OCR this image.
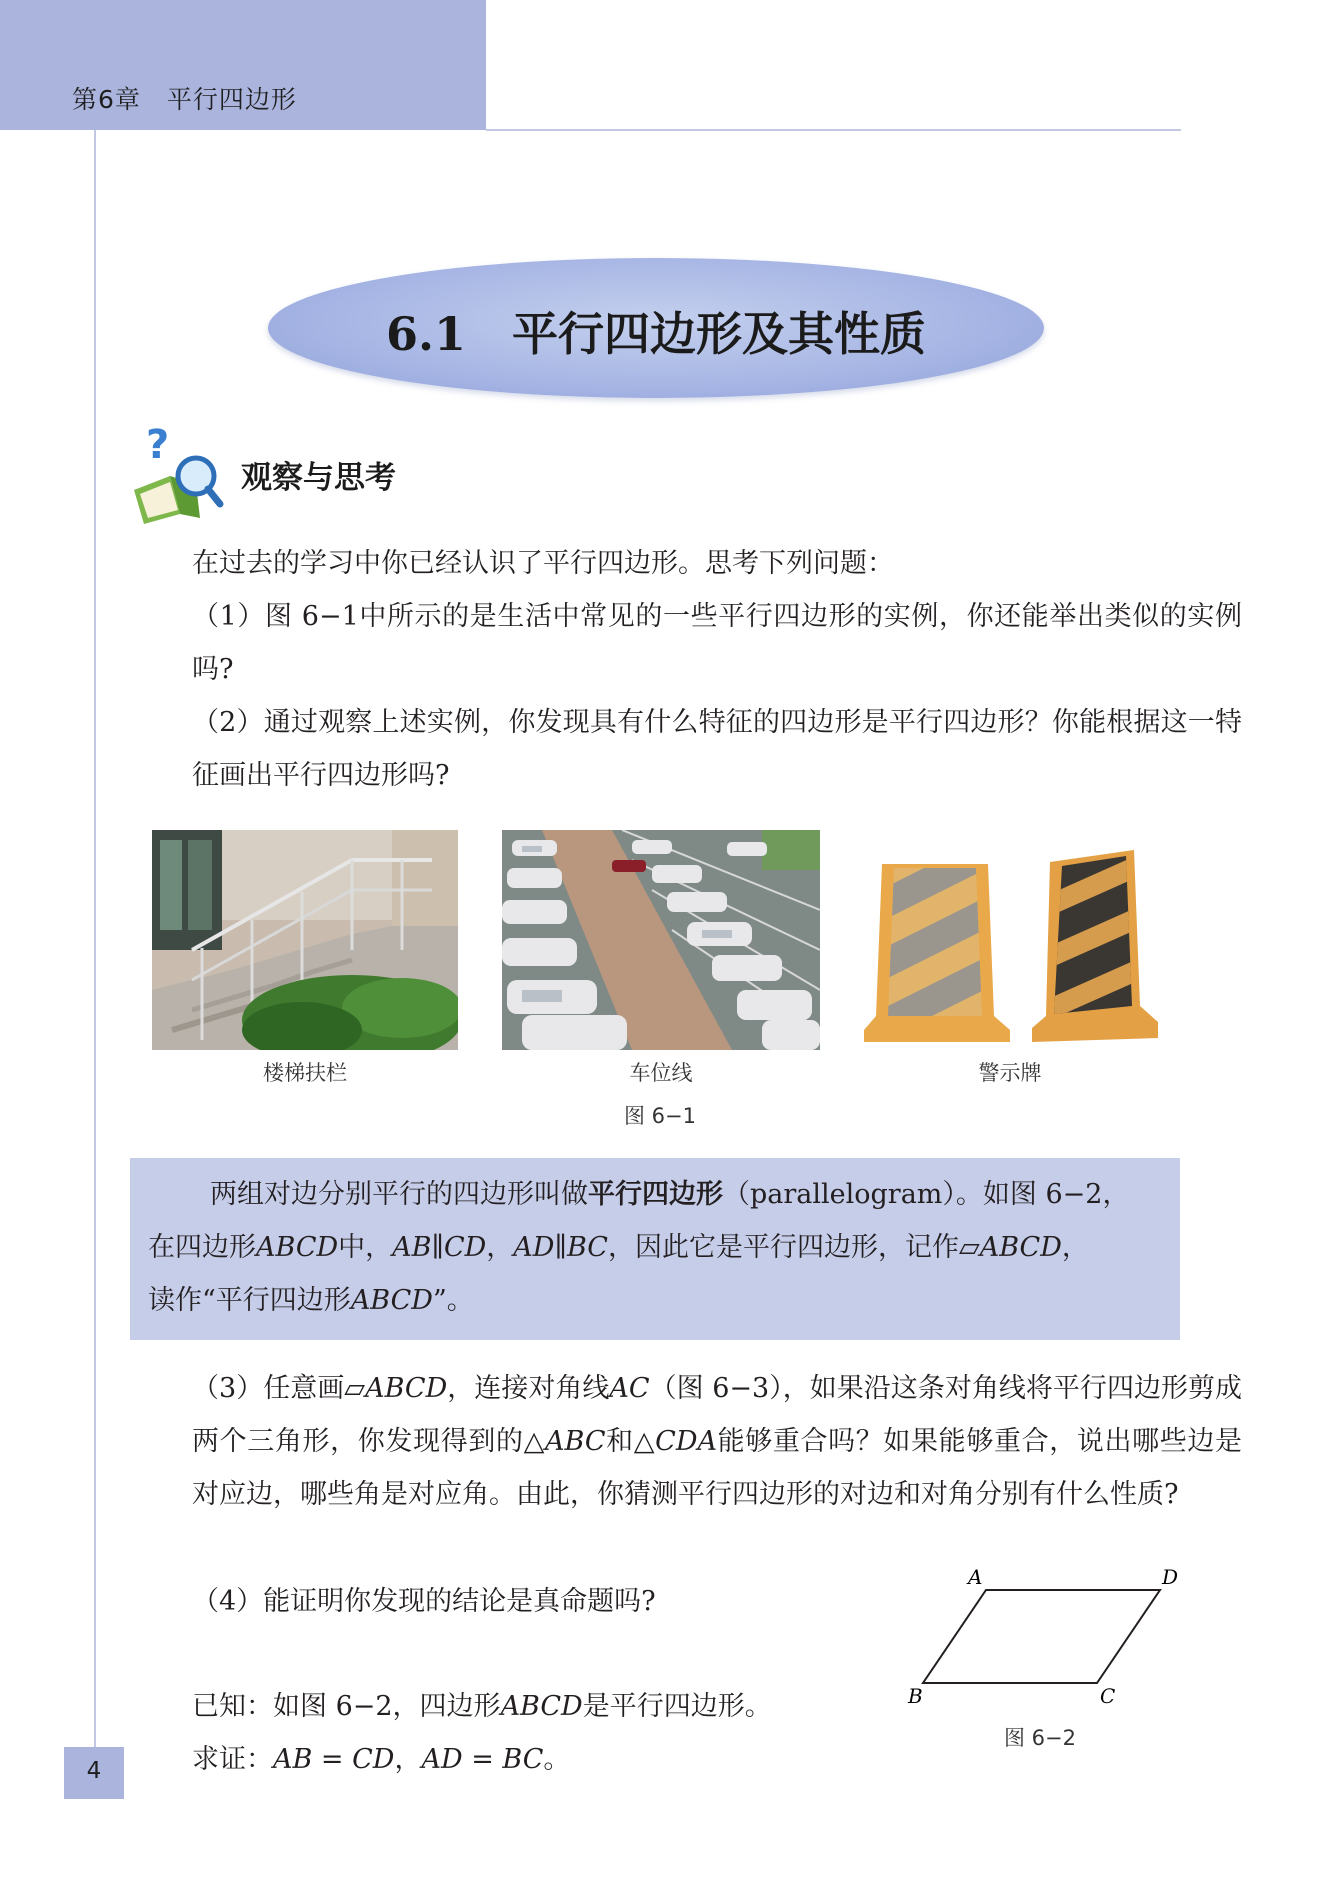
第6章　平行四边形
6.1　平行四边形及其性质
?
观察与思考
在过去的学习中你已经认识了平行四边形。思考下列问题：
（1）图 6−1中所示的是生活中常见的一些平行四边形的实例，你还能举出类似的实例吗?
（2）通过观察上述实例，你发现具有什么特征的四边形是平行四边形？你能根据这一特征画出平行四边形吗?
楼梯扶栏	车位线	警示牌
图 6−1
两组对边分别平行的四边形叫做平行四边形（parallelogram）。如图 6−2，
在四边形ABCD中，AB∥CD，AD∥BC，因此它是平行四边形，记作▱ABCD，
读作“平行四边形ABCD”。
（3）任意画▱ABCD，连接对角线AC（图 6−3），如果沿这条对角线将平行四边形剪成两个三角形，你发现得到的△ABC和△CDA能够重合吗？如果能够重合，说出哪些边是对应边，哪些角是对应角。由此，你猜测平行四边形的对边和对角分别有什么性质?
（4）能证明你发现的结论是真命题吗?
已知：如图 6−2，四边形ABCD是平行四边形。
求证：AB = CD，AD = BC。
A	D
B	C
图 6−2
4
